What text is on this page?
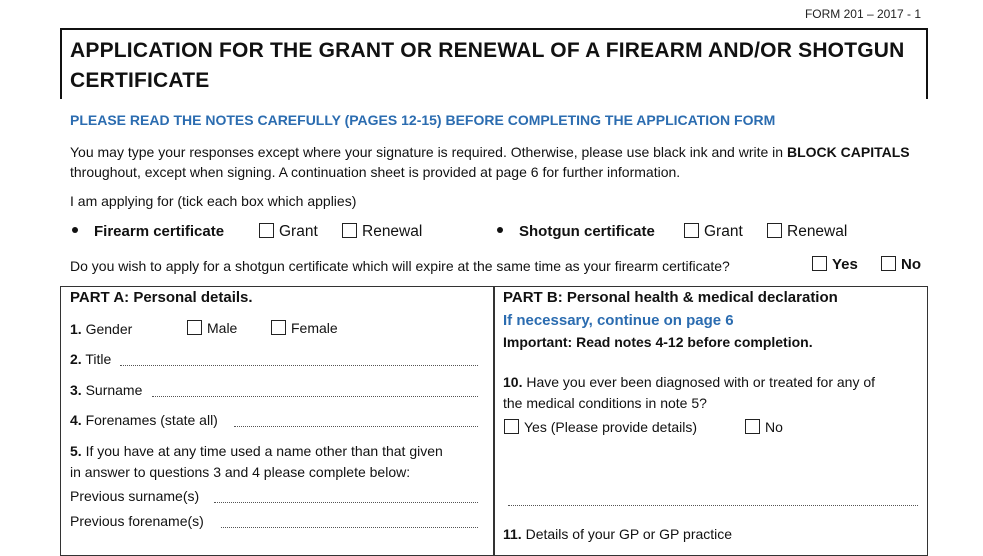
FORM 201 – 2017 - 1
APPLICATION FOR THE GRANT OR RENEWAL OF A FIREARM AND/OR SHOTGUN CERTIFICATE
PLEASE READ THE NOTES CAREFULLY (PAGES 12-15) BEFORE COMPLETING THE APPLICATION FORM
You may type your responses except where your signature is required. Otherwise, please use black ink and write in BLOCK CAPITALS throughout, except when signing. A continuation sheet is provided at page 6 for further information.
I am applying for (tick each box which applies)
Firearm certificate	Grant	Renewal	Shotgun certificate	Grant	Renewal
Do you wish to apply for a shotgun certificate which will expire at the same time as your firearm certificate?	Yes	No
PART A: Personal details.
1. Gender	Male	Female
2. Title
3. Surname
4. Forenames (state all)
5. If you have at any time used a name other than that given
in answer to questions 3 and 4 please complete below:
Previous surname(s)
Previous forename(s)
PART B: Personal health & medical declaration
If necessary, continue on page 6
Important: Read notes 4-12 before completion.
10. Have you ever been diagnosed with or treated for any of
the medical conditions in note 5?
Yes (Please provide details)	No
11. Details of your GP or GP practice
